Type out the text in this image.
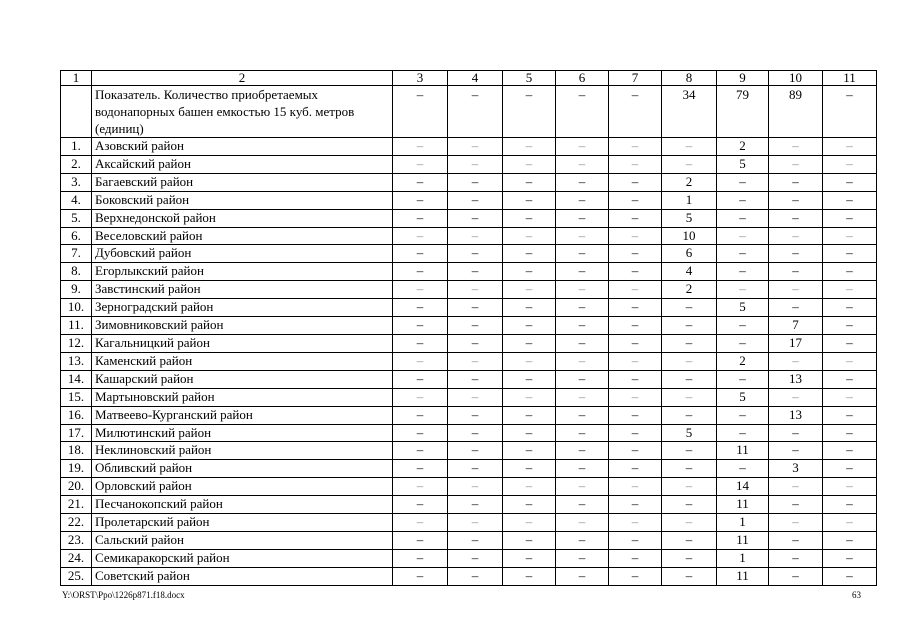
1	2	3	4	5	6	7	8	9	10	11
	Показатель. Количество приобретаемых водонапорных башен емкостью 15 куб. метров (единиц)	–	–	–	–	–	34	79	89	–
1.	Азовский район	–	–	–	–	–	–	2	–	–
2.	Аксайский район	–	–	–	–	–	–	5	–	–
3.	Багаевский район	–	–	–	–	–	2	–	–	–
4.	Боковский район	–	–	–	–	–	1	–	–	–
5.	Верхнедонской район	–	–	–	–	–	5	–	–	–
6.	Веселовский район	–	–	–	–	–	10	–	–	–
7.	Дубовский район	–	–	–	–	–	6	–	–	–
8.	Егорлыкский район	–	–	–	–	–	4	–	–	–
9.	Завстинский район	–	–	–	–	–	2	–	–	–
10.	Зерноградский район	–	–	–	–	–	–	5	–	–
11.	Зимовниковский район	–	–	–	–	–	–	–	7	–
12.	Кагальницкий район	–	–	–	–	–	–	–	17	–
13.	Каменский район	–	–	–	–	–	–	2	–	–
14.	Кашарский район	–	–	–	–	–	–	–	13	–
15.	Мартыновский район	–	–	–	–	–	–	5	–	–
16.	Матвеево-Курганский район	–	–	–	–	–	–	–	13	–
17.	Милютинский район	–	–	–	–	–	5	–	–	–
18.	Неклиновский район	–	–	–	–	–	–	11	–	–
19.	Обливский район	–	–	–	–	–	–	–	3	–
20.	Орловский район	–	–	–	–	–	–	14	–	–
21.	Песчанокопский район	–	–	–	–	–	–	11	–	–
22.	Пролетарский район	–	–	–	–	–	–	1	–	–
23.	Сальский район	–	–	–	–	–	–	11	–	–
24.	Семикаракорский район	–	–	–	–	–	–	1	–	–
25.	Советский район	–	–	–	–	–	–	11	–	–
Y:\ORST\Ppo\1226p871.f18.docx	63
